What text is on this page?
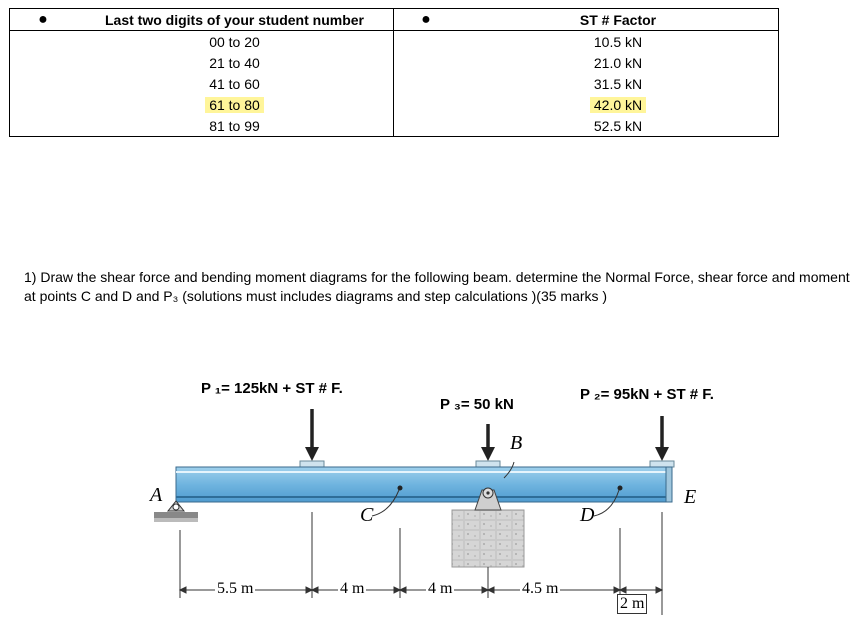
●	Last two digits of your student number	●	ST # Factor
	00 to 20		10.5 kN
	21 to 40		21.0 kN
	41 to 60		31.5 kN
	61 to 80		42.0 kN
	81 to 99		52.5 kN
1) Draw the shear force and bending moment diagrams for the following beam. determine the Normal Force, shear force and moment at points C and D and P₃ (solutions must includes diagrams and step calculations )(35 marks )
P ₁= 125kN + ST # F.
P ₃= 50 kN
P ₂= 95kN + ST # F.
A
B
C	D
E
5.5 m	4 m	4 m	4.5 m
2 m
